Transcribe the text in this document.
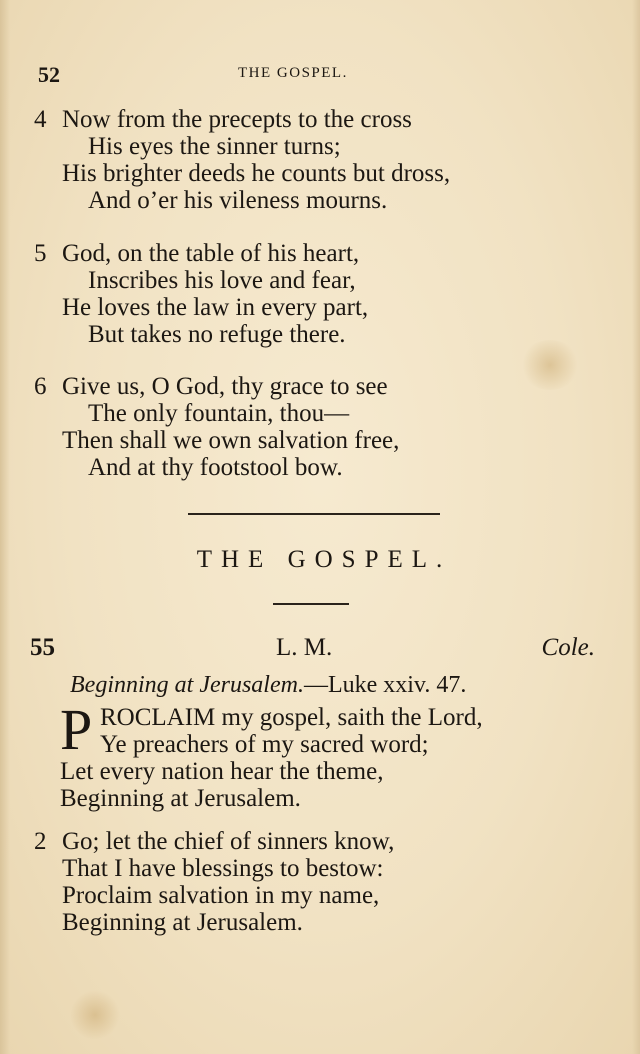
52	THE GOSPEL.
4 Now from the precepts to the cross
His eyes the sinner turns;
His brighter deeds he counts but dross,
And o’er his vileness mourns.
5 God, on the table of his heart,
Inscribes his love and fear,
He loves the law in every part,
But takes no refuge there.
6 Give us, O God, thy grace to see
The only fountain, thou—
Then shall we own salvation free,
And at thy footstool bow.
THE GOSPEL.
55	L. M.	Cole.
Beginning at Jerusalem.—Luke xxiv. 47.
P ROCLAIM my gospel, saith the Lord,
Ye preachers of my sacred word;
Let every nation hear the theme,
Beginning at Jerusalem.
2 Go; let the chief of sinners know,
That I have blessings to bestow:
Proclaim salvation in my name,
Beginning at Jerusalem.
